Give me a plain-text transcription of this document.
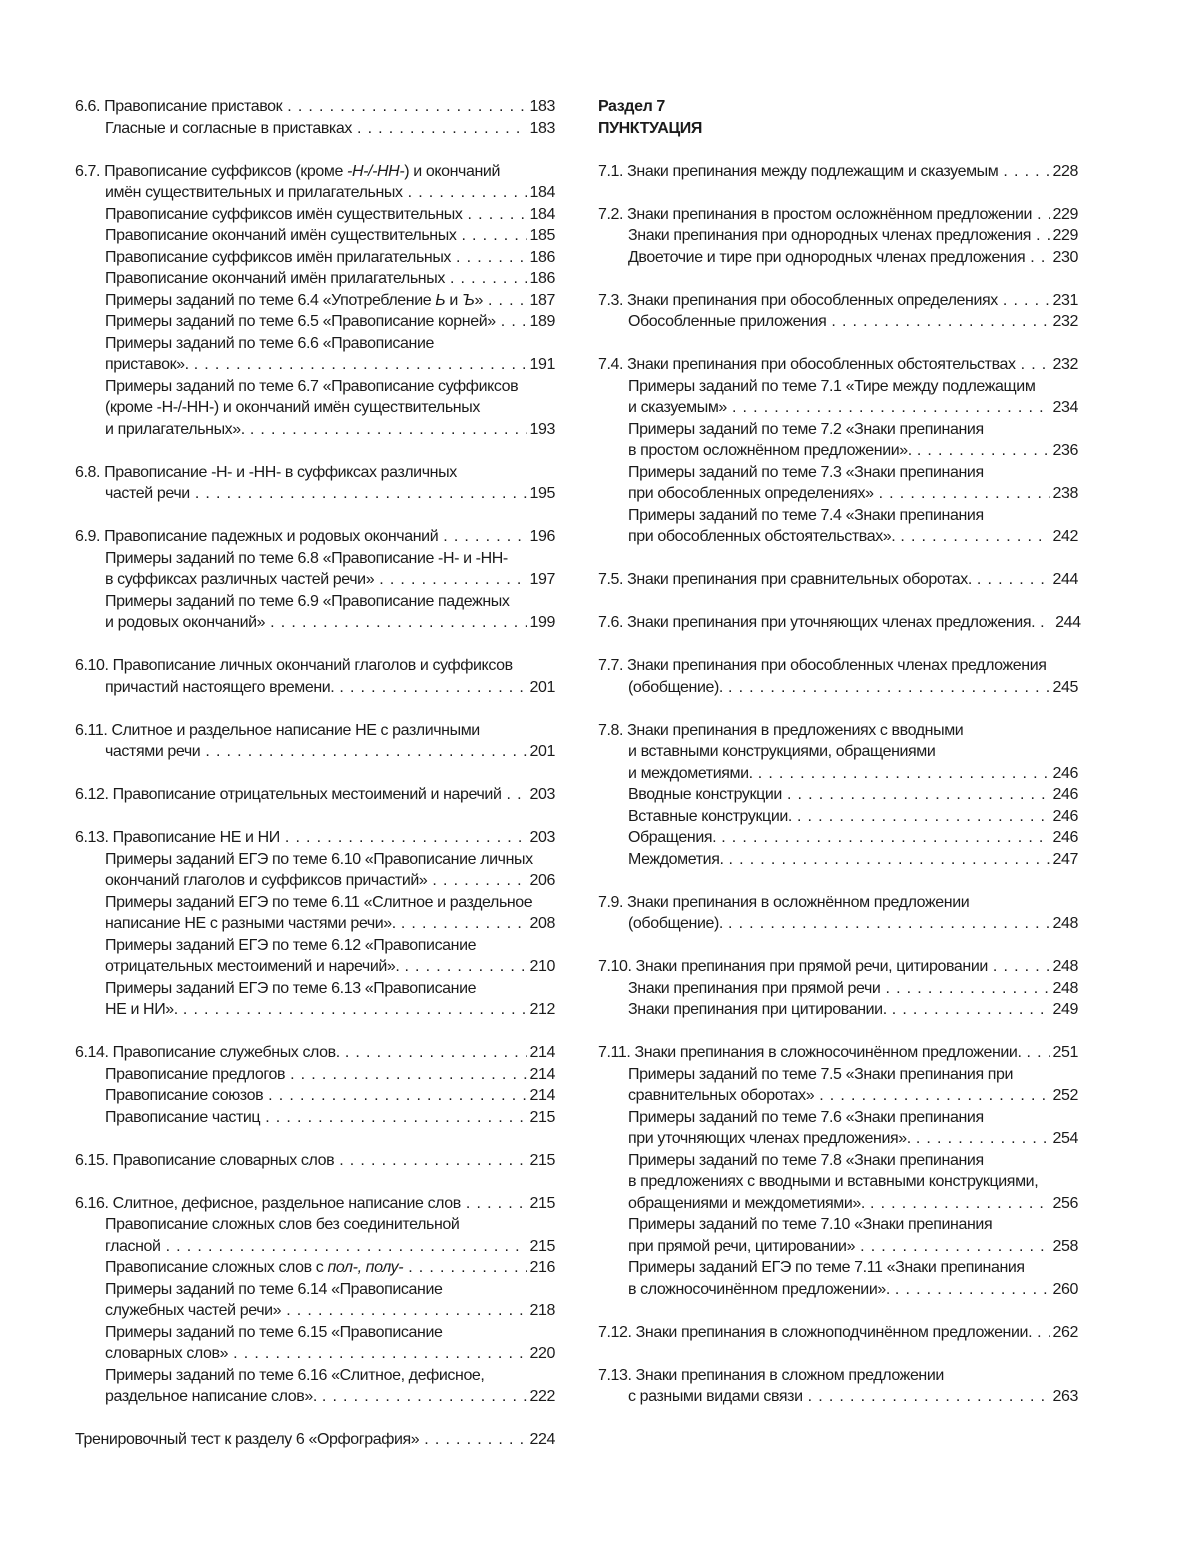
6.6. Правописание приставок . . .	183
Гласные и согласные в приставках . . .	183
6.7. Правописание суффиксов (кроме -Н-/-НН-) и окончаний
имён существительных и прилагательных . . .	184
Правописание суффиксов имён существительных . . .	184
Правописание окончаний имён существительных . . .	185
Правописание суффиксов имён прилагательных . . .	186
Правописание окончаний имён прилагательных . . .	186
Примеры заданий по теме 6.4 «Употребление Ь и Ъ» . . .	187
Примеры заданий по теме 6.5 «Правописание корней» . . . 189
Примеры заданий по теме 6.6 «Правописание
приставок». . . .	191
Примеры заданий по теме 6.7 «Правописание суффиксов
(кроме -Н-/-НН-) и окончаний имён существительных
и прилагательных». . . .	193
6.8. Правописание -Н- и -НН- в суффиксах различных
частей речи . . .	195
6.9. Правописание падежных и родовых окончаний . . .	196
Примеры заданий по теме 6.8 «Правописание -Н- и -НН-
в суффиксах различных частей речи» . . .	197
Примеры заданий по теме 6.9 «Правописание падежных
и родовых окончаний» . . .	199
6.10. Правописание личных окончаний глаголов и суффиксов
причастий настоящего времени. . . .	201
6.11. Слитное и раздельное написание НЕ с различными
частями речи . . .	201
6.12. Правописание отрицательных местоимений и наречий . . . 203
6.13. Правописание НЕ и НИ . . .	203
Примеры заданий ЕГЭ по теме 6.10 «Правописание личных
окончаний глаголов и суффиксов причастий» . . .	206
Примеры заданий ЕГЭ по теме 6.11 «Слитное и раздельное
написание НЕ с разными частями речи». . . .	208
Примеры заданий ЕГЭ по теме 6.12 «Правописание
отрицательных местоимений и наречий». . . .	210
Примеры заданий ЕГЭ по теме 6.13 «Правописание
НЕ и НИ». . . .	212
6.14. Правописание служебных слов. . . .	214
Правописание предлогов . . .	214
Правописание союзов . . .	214
Правописание частиц . . .	215
6.15. Правописание словарных слов . . .	215
6.16. Слитное, дефисное, раздельное написание слов . . .	215
Правописание сложных слов без соединительной
гласной . . .	215
Правописание сложных слов с пол-, полу- . . .	216
Примеры заданий по теме 6.14 «Правописание
служебных частей речи» . . .	218
Примеры заданий по теме 6.15 «Правописание
словарных слов» . . .	220
Примеры заданий по теме 6.16 «Слитное, дефисное,
раздельное написание слов». . . .	222
Тренировочный тест к разделу 6 «Орфография» . . .	224
Раздел 7
ПУНКТУАЦИЯ
7.1. Знаки препинания между подлежащим и сказуемым . . .	228
7.2. Знаки препинания в простом осложнённом предложении . . . 229
Знаки препинания при однородных членах предложения . . . 229
Двоеточие и тире при однородных членах предложения . . . 230
7.3. Знаки препинания при обособленных определениях . . .	231
Обособленные приложения . . .	232
7.4. Знаки препинания при обособленных обстоятельствах . . . 232
Примеры заданий по теме 7.1 «Тире между подлежащим
и сказуемым» . . .	234
Примеры заданий по теме 7.2 «Знаки препинания
в простом осложнённом предложении». . . .	236
Примеры заданий по теме 7.3 «Знаки препинания
при обособленных определениях» . . .	238
Примеры заданий по теме 7.4 «Знаки препинания
при обособленных обстоятельствах». . . .	242
7.5. Знаки препинания при сравнительных оборотах. . . .	244
7.6. Знаки препинания при уточняющих членах предложения. . . . 244
7.7. Знаки препинания при обособленных членах предложения
(обобщение). . . .	245
7.8. Знаки препинания в предложениях с вводными
и вставными конструкциями, обращениями
и междометиями. . . .	246
Вводные конструкции . . .	246
Вставные конструкции. . . .	246
Обращения. . . .	246
Междометия. . . .	247
7.9. Знаки препинания в осложнённом предложении
(обобщение). . . .	248
7.10. Знаки препинания при прямой речи, цитировании . . .	248
Знаки препинания при прямой речи . . .	248
Знаки препинания при цитировании. . . .	249
7.11. Знаки препинания в сложносочинённом предложении. . . . 251
Примеры заданий по теме 7.5 «Знаки препинания при
сравнительных оборотах» . . .	252
Примеры заданий по теме 7.6 «Знаки препинания
при уточняющих членах предложения». . . .	254
Примеры заданий по теме 7.8 «Знаки препинания
в предложениях с вводными и вставными конструкциями,
обращениями и междометиями». . . .	256
Примеры заданий по теме 7.10 «Знаки препинания
при прямой речи, цитировании» . . .	258
Примеры заданий ЕГЭ по теме 7.11 «Знаки препинания
в сложносочинённом предложении». . . .	260
7.12. Знаки препинания в сложноподчинённом предложении. . . . 262
7.13. Знаки препинания в сложном предложении
с разными видами связи . . .	263
